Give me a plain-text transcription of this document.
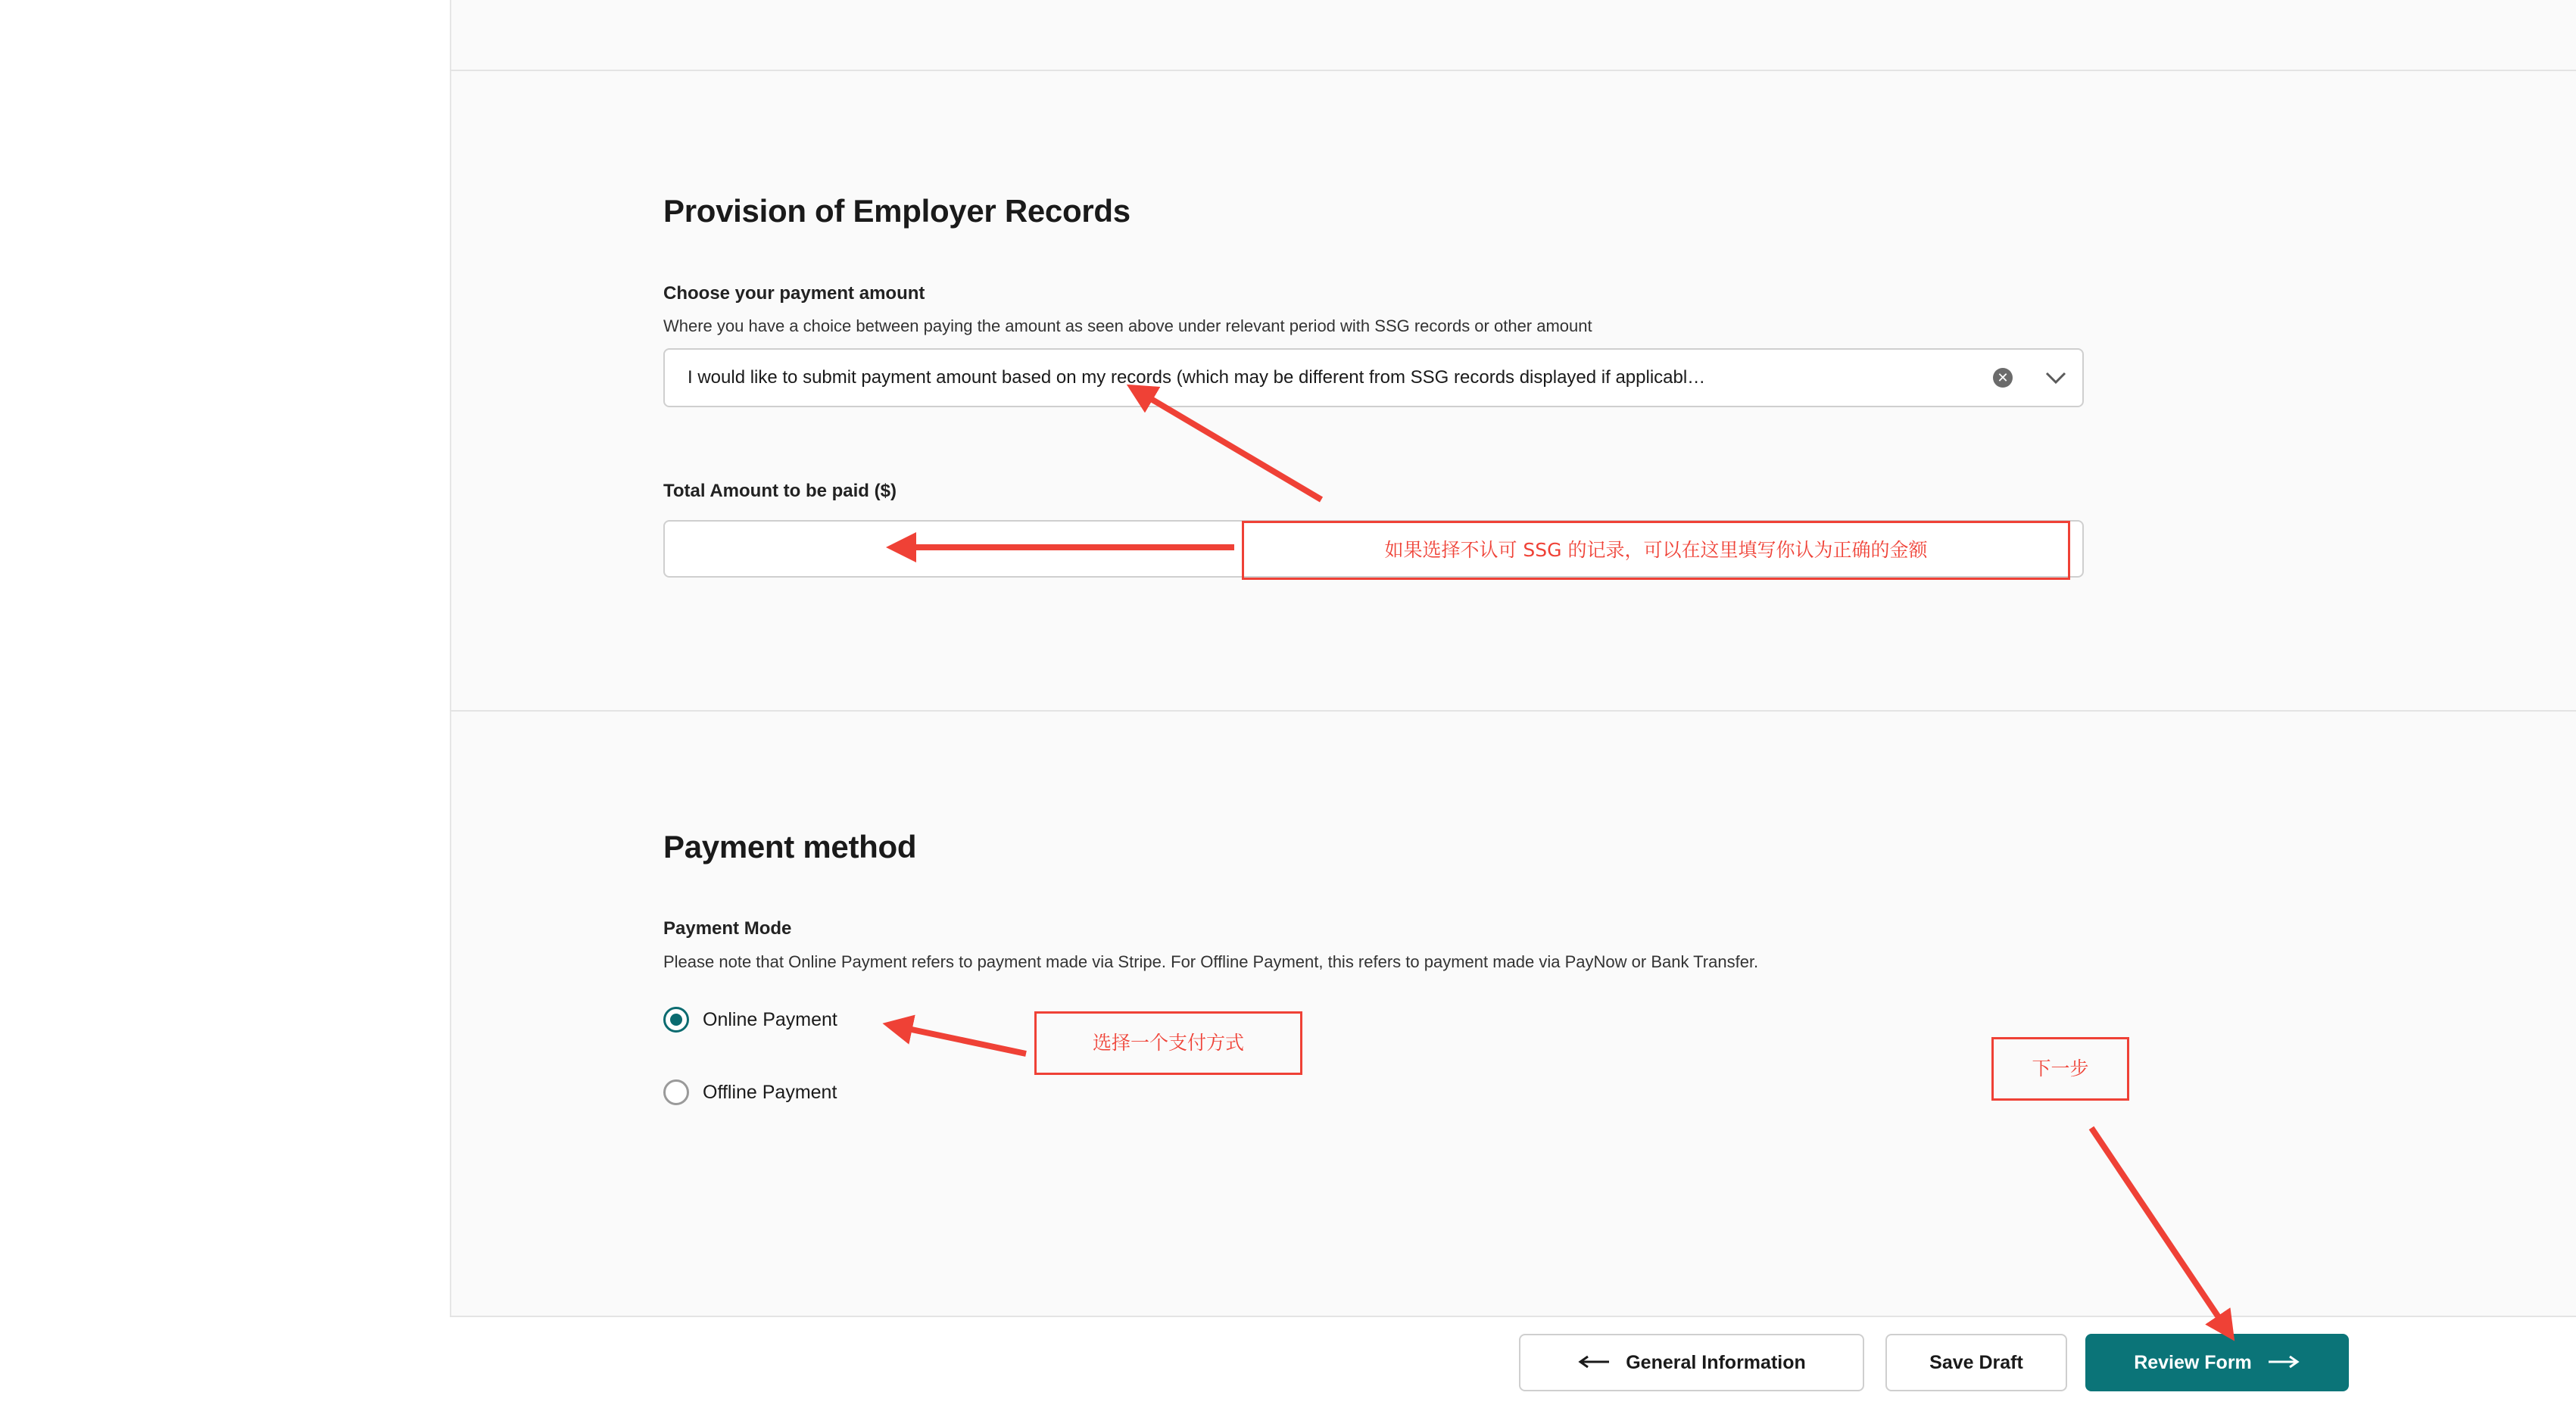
Provision of Employer Records
Choose your payment amount
Where you have a choice between paying the amount as seen above under relevant period with SSG records or other amount
I would like to submit payment amount based on my records (which may be different from SSG records displayed if applicabl…	✕
Total Amount to be paid ($)
Payment method
Payment Mode
Please note that Online Payment refers to payment made via Stripe. For Offline Payment, this refers to payment made via PayNow or Bank Transfer.
Online Payment
Offline Payment
General Information	Save Draft	Review Form
如果选择不认可 SSG 的记录，可以在这里填写你认为正确的金额
选择一个支付方式
下一步
